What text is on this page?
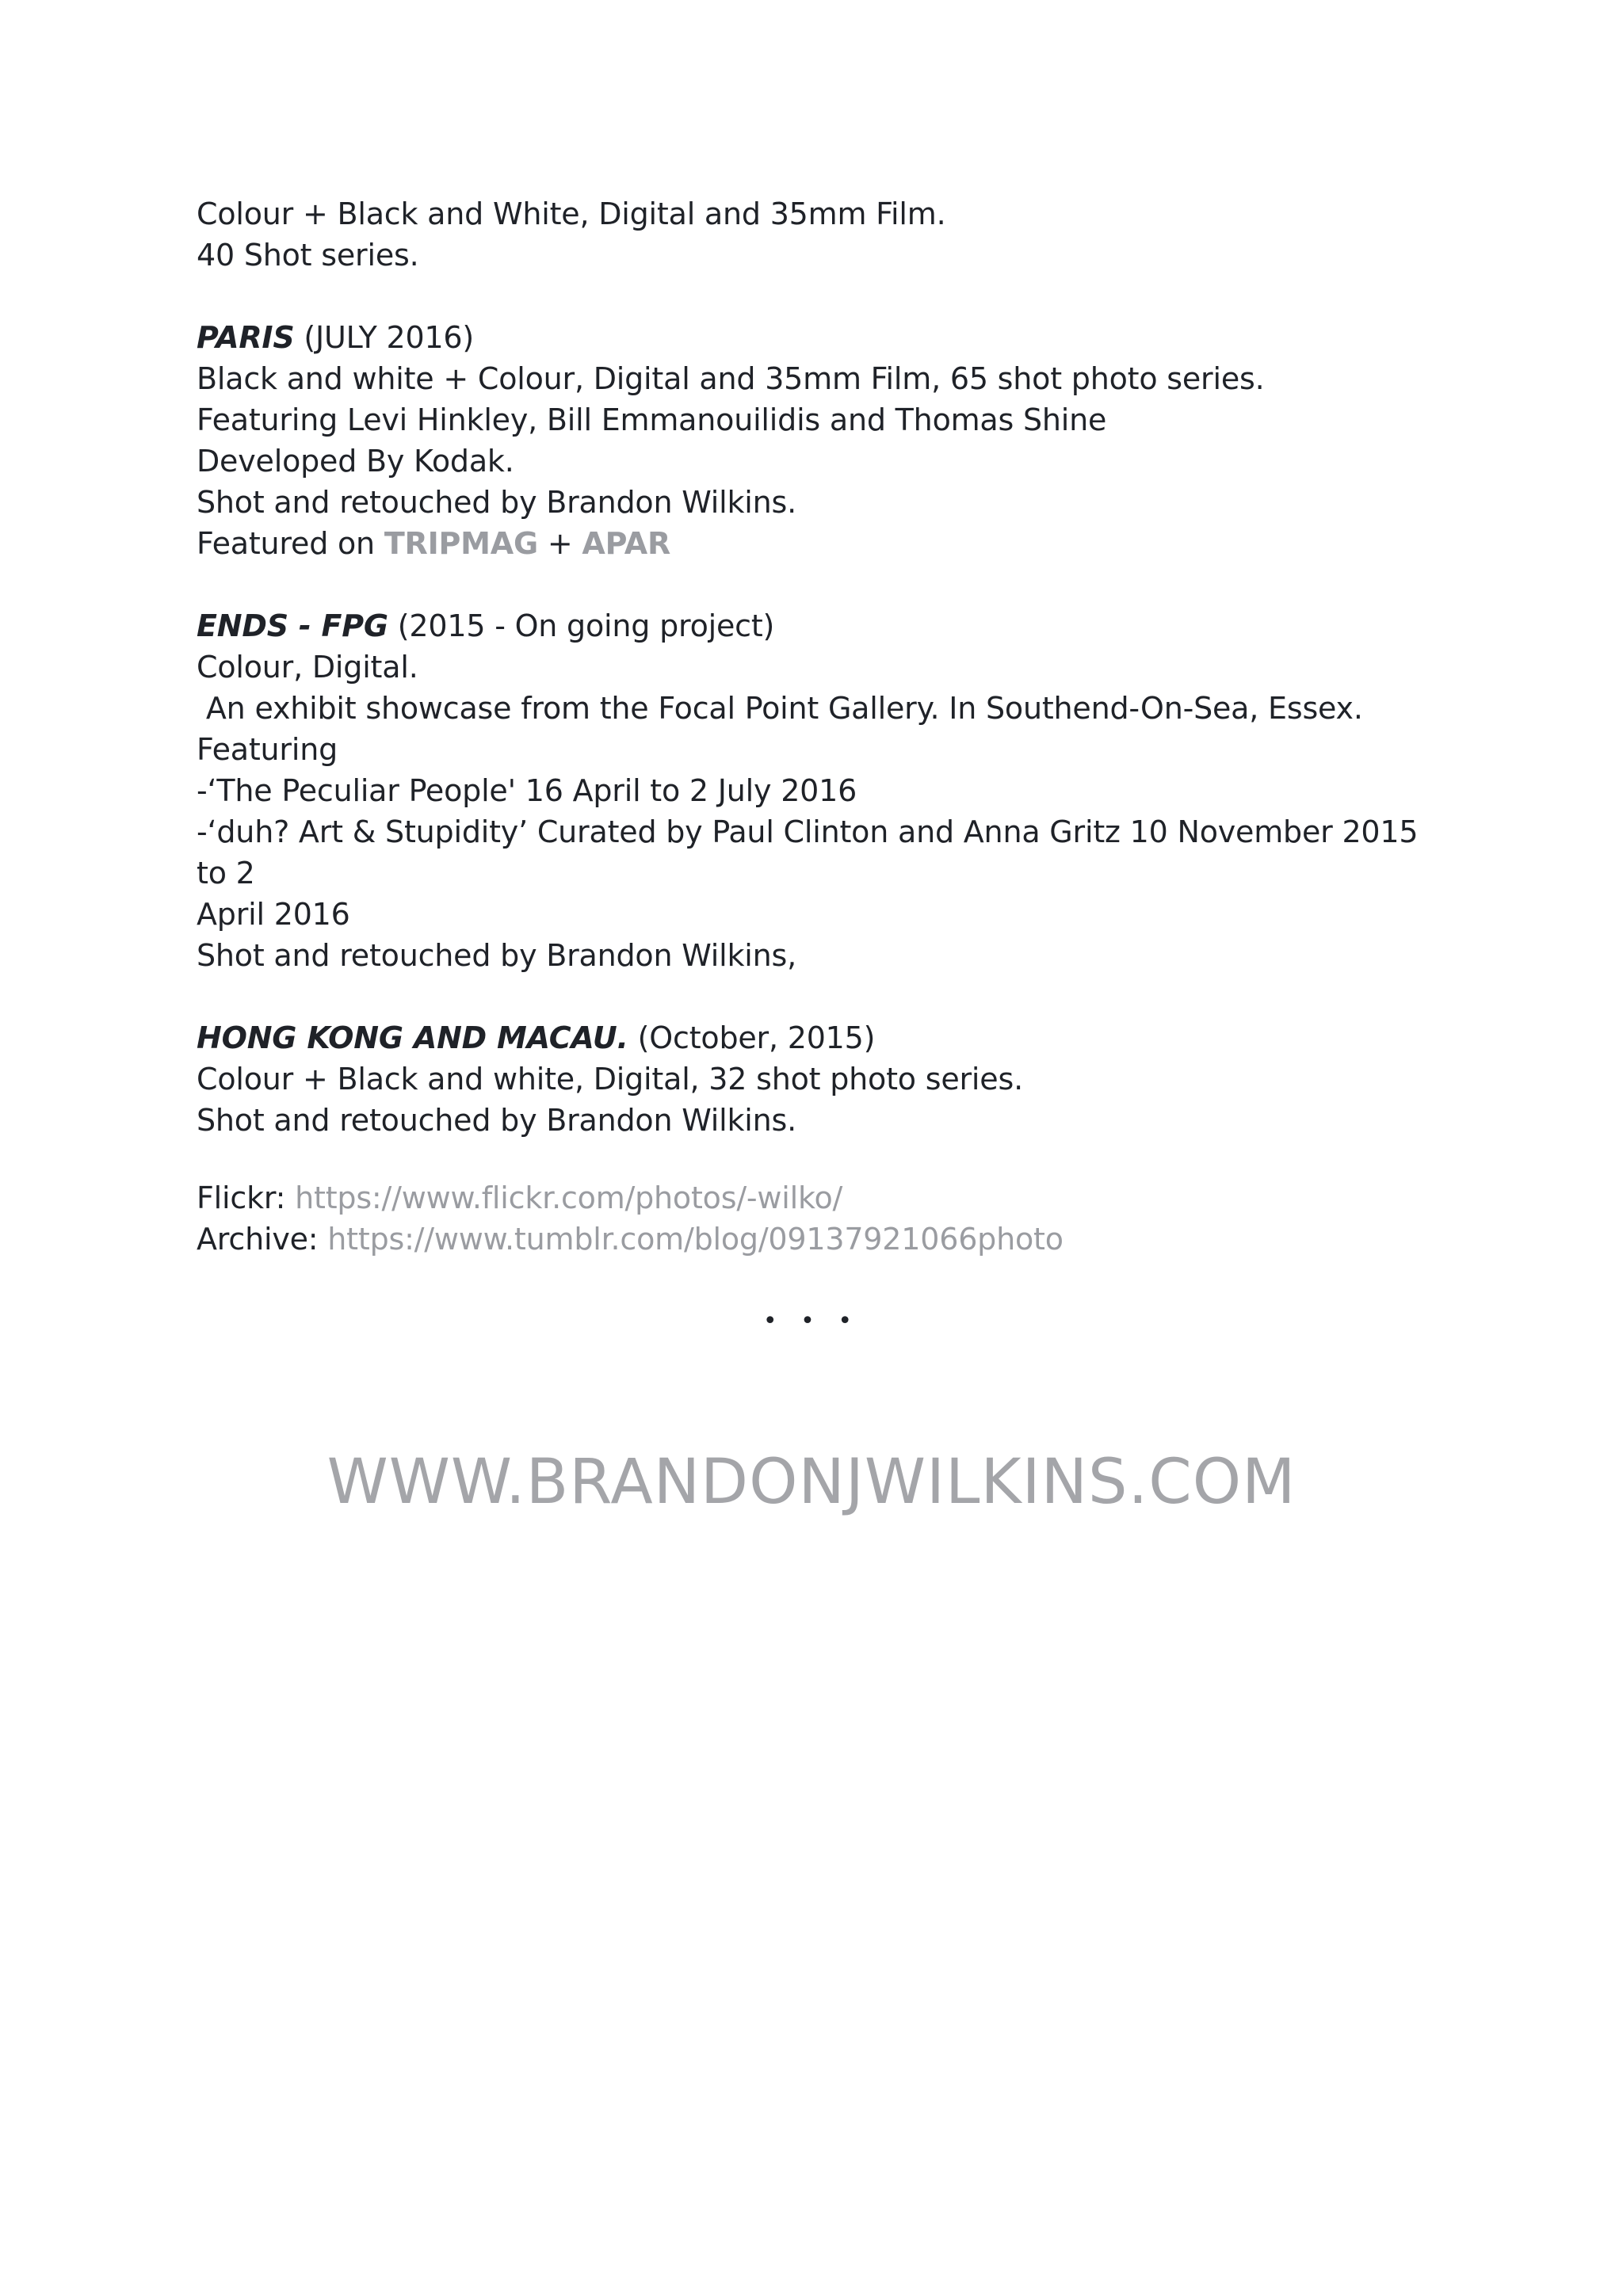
Colour + Black and White, Digital and 35mm Film.
40 Shot series.
PARIS (JULY 2016)
Black and white + Colour, Digital and 35mm Film, 65 shot photo series.
Featuring Levi Hinkley, Bill Emmanouilidis and Thomas Shine
Developed By Kodak.
Shot and retouched by Brandon Wilkins.
Featured on TRIPMAG + APAR
ENDS - FPG (2015 - On going project)
Colour, Digital.
An exhibit showcase from the Focal Point Gallery. In Southend-On-Sea, Essex.
Featuring
-‘The Peculiar People' 16 April to 2 July 2016
-‘duh? Art & Stupidity’ Curated by Paul Clinton and Anna Gritz 10 November 2015 to 2
April 2016
Shot and retouched by Brandon Wilkins,
HONG KONG AND MACAU. (October, 2015)
Colour + Black and white, Digital, 32 shot photo series.
Shot and retouched by Brandon Wilkins.
Flickr: https://www.flickr.com/photos/-wilko/
Archive: https://www.tumblr.com/blog/09137921066photo
• • •
WWW.BRANDONJWILKINS.COM
